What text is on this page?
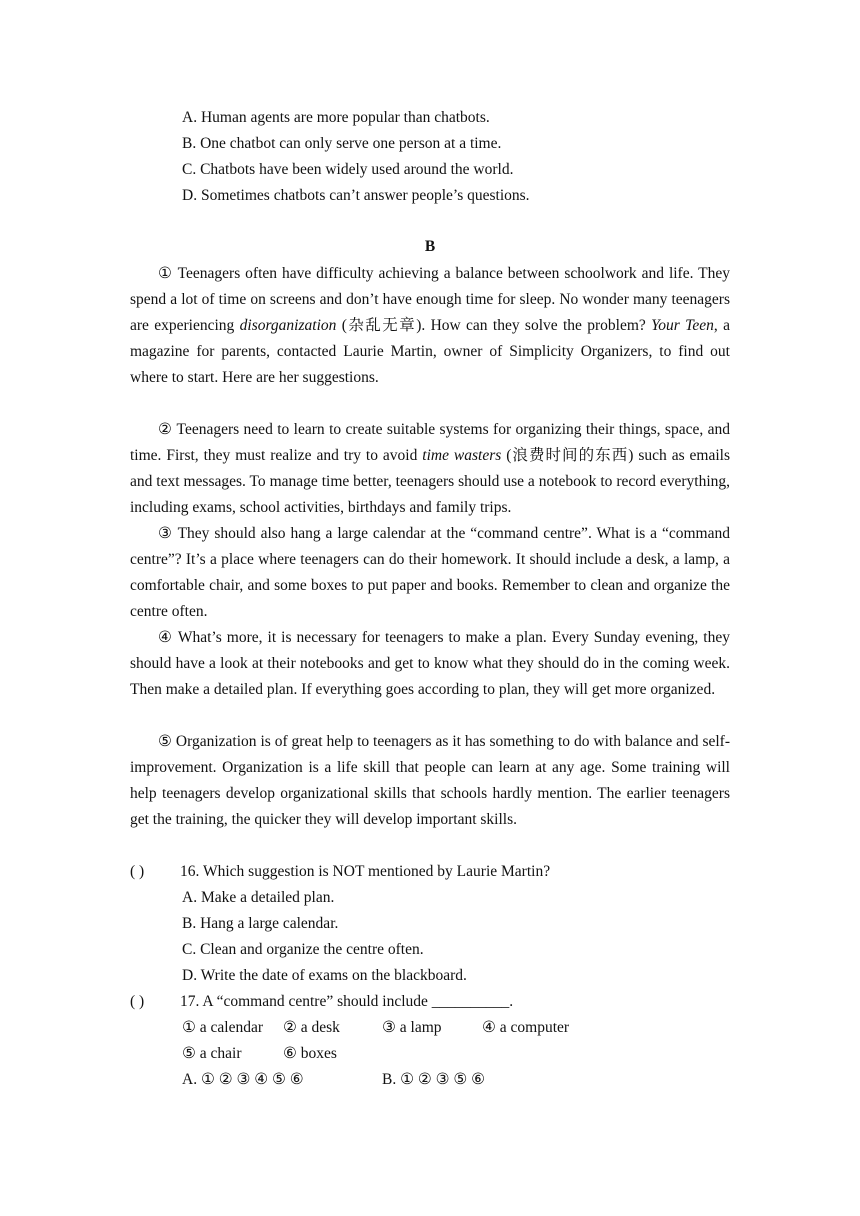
A. Human agents are more popular than chatbots.
B. One chatbot can only serve one person at a time.
C. Chatbots have been widely used around the world.
D. Sometimes chatbots can’t answer people’s questions.
B

① Teenagers often have difficulty achieving a balance between schoolwork and life. They spend a lot of time on screens and don’t have enough time for sleep. No wonder many teenagers are experiencing disorganization (杂乱无章). How can they solve the problem? Your Teen, a magazine for parents, contacted Laurie Martin, owner of Simplicity Organizers, to find out where to start. Here are her suggestions.

② Teenagers need to learn to create suitable systems for organizing their things, space, and time. First, they must realize and try to avoid time wasters (浪费时间的东西) such as emails and text messages. To manage time better, teenagers should use a notebook to record everything, including exams, school activities, birthdays and family trips.

③ They should also hang a large calendar at the “command centre”. What is a “command centre”? It’s a place where teenagers can do their homework. It should include a desk, a lamp, a comfortable chair, and some boxes to put paper and books. Remember to clean and organize the centre often.

④ What’s more, it is necessary for teenagers to make a plan. Every Sunday evening, they should have a look at their notebooks and get to know what they should do in the coming week. Then make a detailed plan. If everything goes according to plan, they will get more organized.

⑤ Organization is of great help to teenagers as it has something to do with balance and self-improvement. Organization is a life skill that people can learn at any age. Some training will help teenagers develop organizational skills that schools hardly mention. The earlier teenagers get the training, the quicker they will develop important skills.

( ) 16. Which suggestion is NOT mentioned by Laurie Martin?
A. Make a detailed plan.
B. Hang a large calendar.
C. Clean and organize the centre often.
D. Write the date of exams on the blackboard.
( ) 17. A “command centre” should include __________.
① a calendar ② a desk	③ a lamp	④ a computer
⑤ a chair	⑥ boxes
A. ① ② ③ ④ ⑤ ⑥	B. ① ② ③ ⑤ ⑥
